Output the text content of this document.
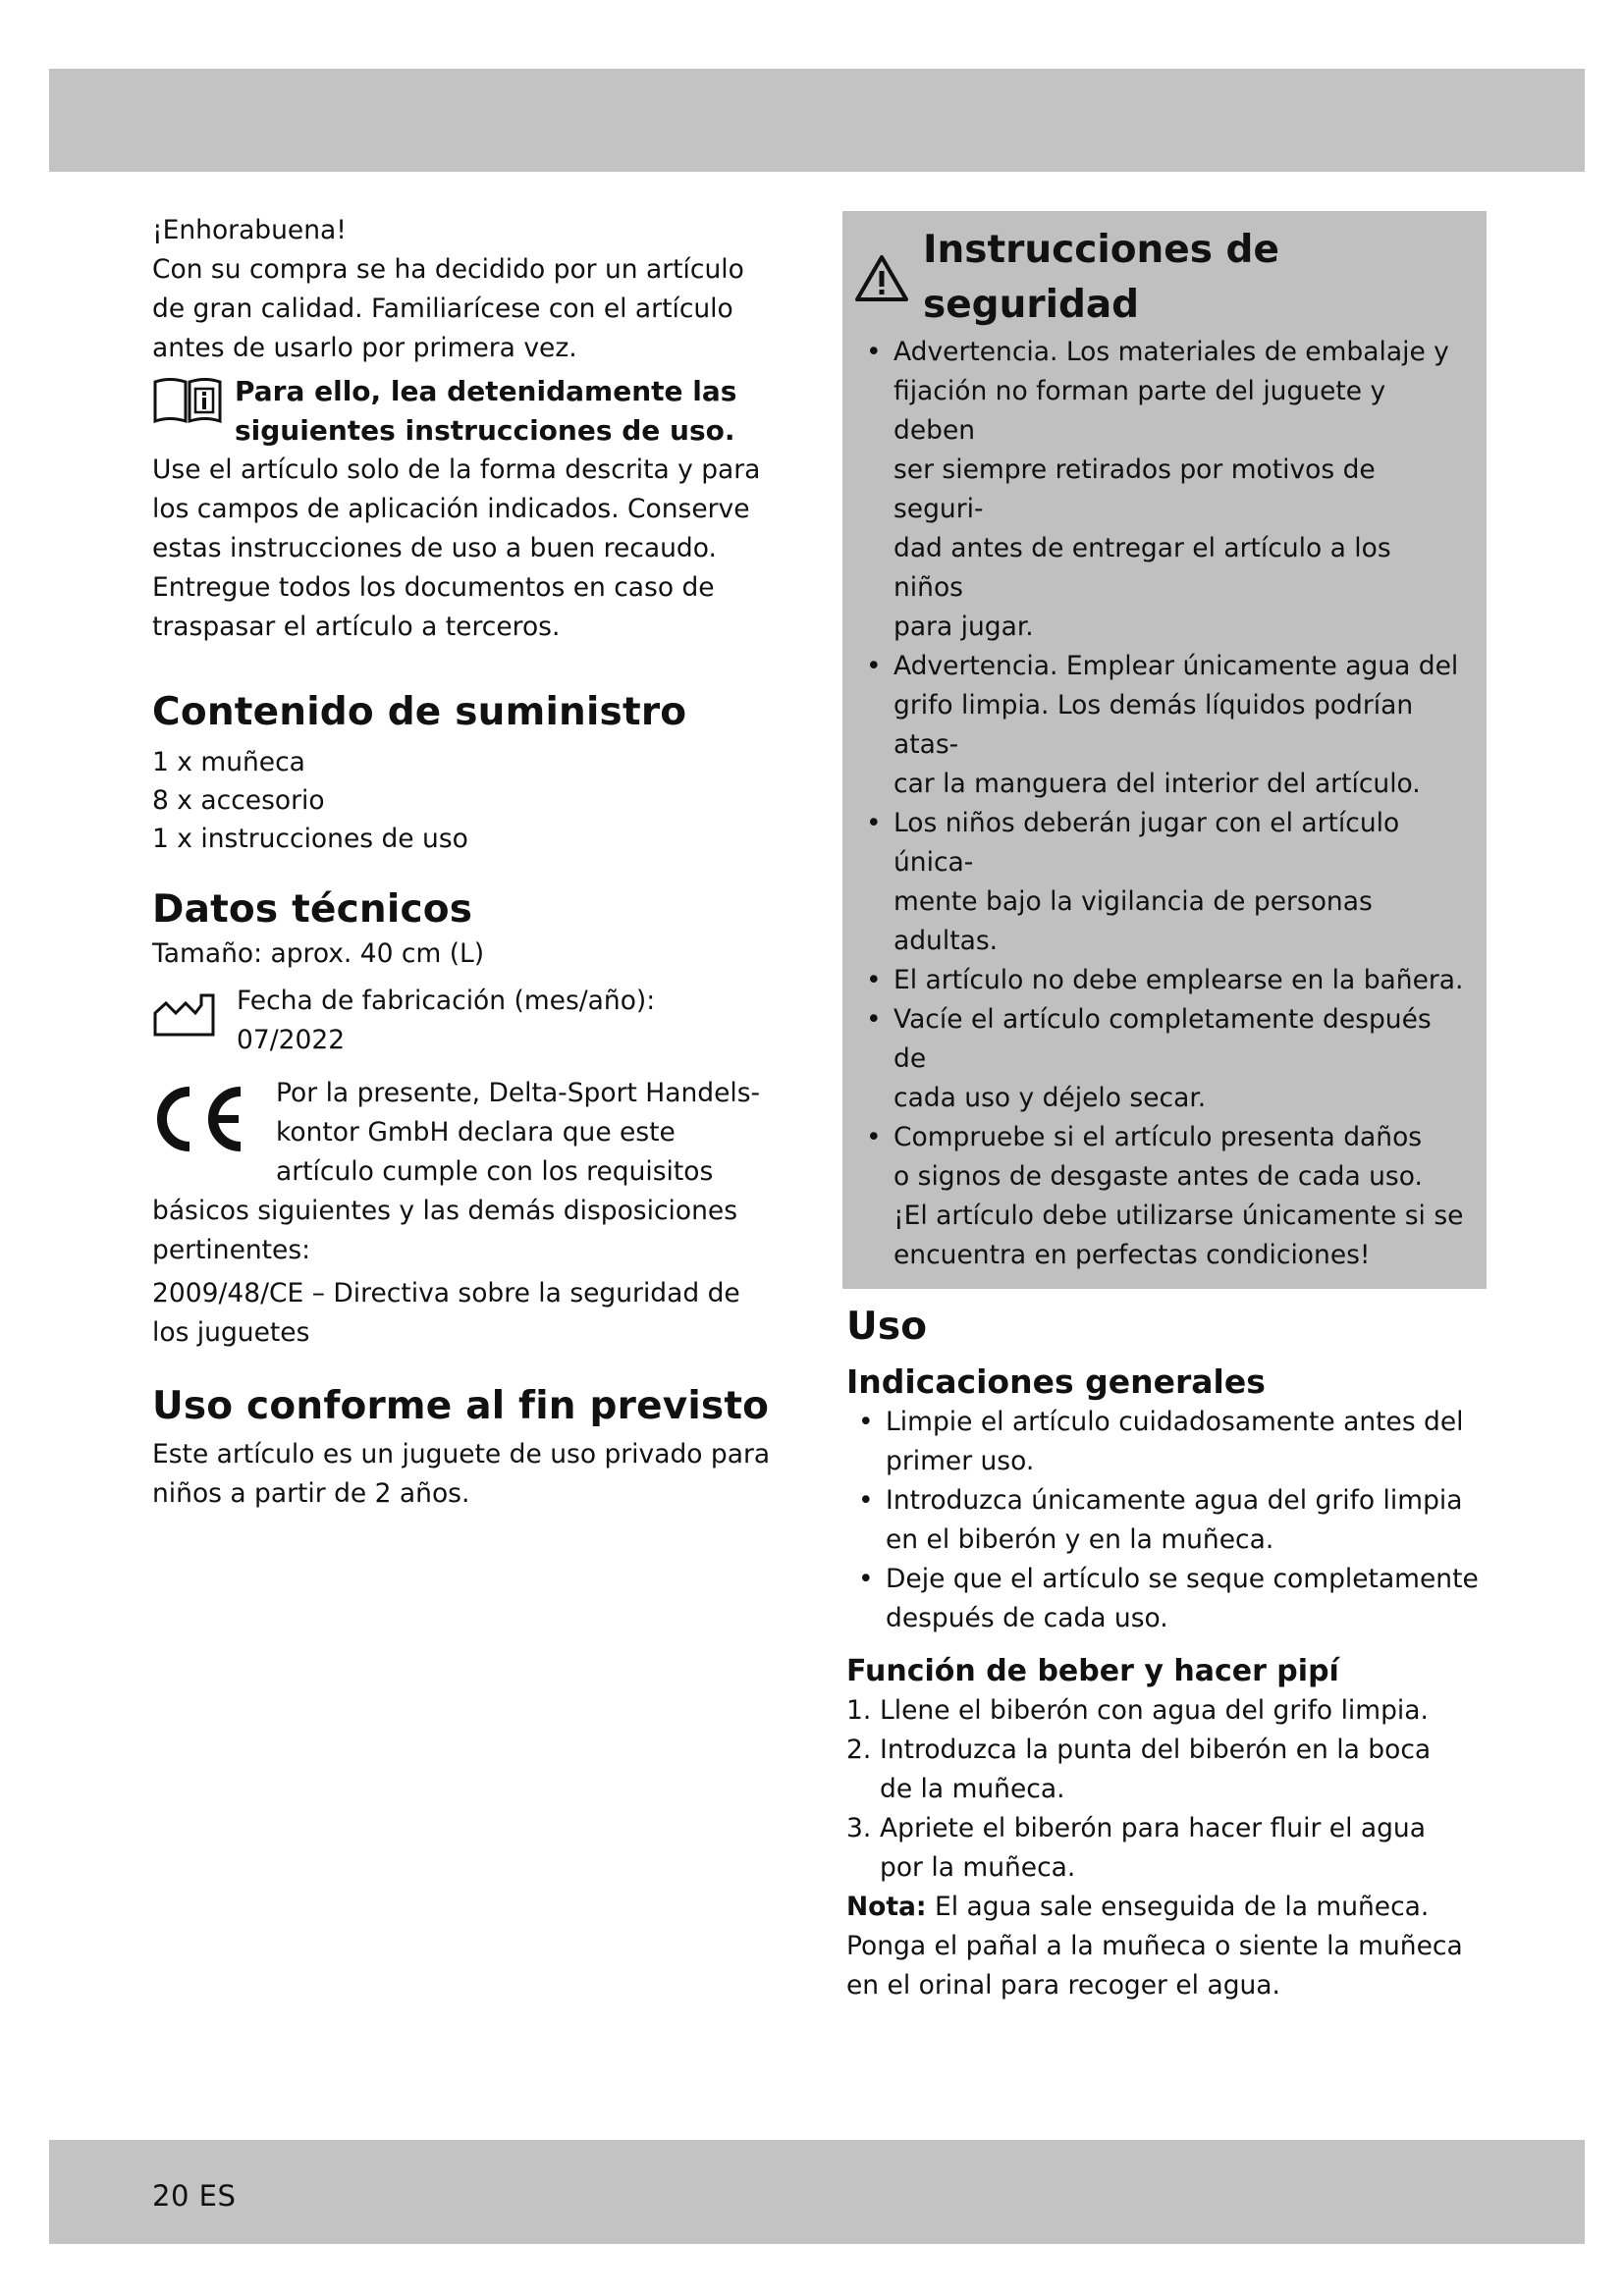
¡Enhorabuena!
Con su compra se ha decidido por un artículo
de gran calidad. Familiarícese con el artículo
antes de usarlo por primera vez.
Para ello, lea detenidamente las
siguientes instrucciones de uso.
Use el artículo solo de la forma descrita y para
los campos de aplicación indicados. Conserve
estas instrucciones de uso a buen recaudo.
Entregue todos los documentos en caso de
traspasar el artículo a terceros.
Contenido de suministro
1 x muñeca
8 x accesorio
1 x instrucciones de uso
Datos técnicos
Tamaño: aprox. 40 cm (L)
Fecha de fabricación (mes/año):
07/2022
Por la presente, Delta-Sport Handels-
kontor GmbH declara que este
artículo cumple con los requisitos
básicos siguientes y las demás disposiciones
pertinentes:
2009/48/CE – Directiva sobre la seguridad de
los juguetes
Uso conforme al fin previsto
Este artículo es un juguete de uso privado para
niños a partir de 2 años.
Instrucciones de seguridad
• Advertencia. Los materiales de embalaje y
fijación no forman parte del juguete y deben
ser siempre retirados por motivos de seguri-
dad antes de entregar el artículo a los niños
para jugar.
• Advertencia. Emplear únicamente agua del
grifo limpia. Los demás líquidos podrían atas-
car la manguera del interior del artículo.
• Los niños deberán jugar con el artículo única-
mente bajo la vigilancia de personas adultas.
• El artículo no debe emplearse en la bañera.
• Vacíe el artículo completamente después de
cada uso y déjelo secar.
• Compruebe si el artículo presenta daños
o signos de desgaste antes de cada uso.
¡El artículo debe utilizarse únicamente si se
encuentra en perfectas condiciones!
Uso
Indicaciones generales
• Limpie el artículo cuidadosamente antes del
primer uso.
• Introduzca únicamente agua del grifo limpia
en el biberón y en la muñeca.
• Deje que el artículo se seque completamente
después de cada uso.
Función de beber y hacer pipí
1. Llene el biberón con agua del grifo limpia.
2. Introduzca la punta del biberón en la boca
de la muñeca.
3. Apriete el biberón para hacer fluir el agua
por la muñeca.
Nota: El agua sale enseguida de la muñeca.
Ponga el pañal a la muñeca o siente la muñeca
en el orinal para recoger el agua.
20 ES
